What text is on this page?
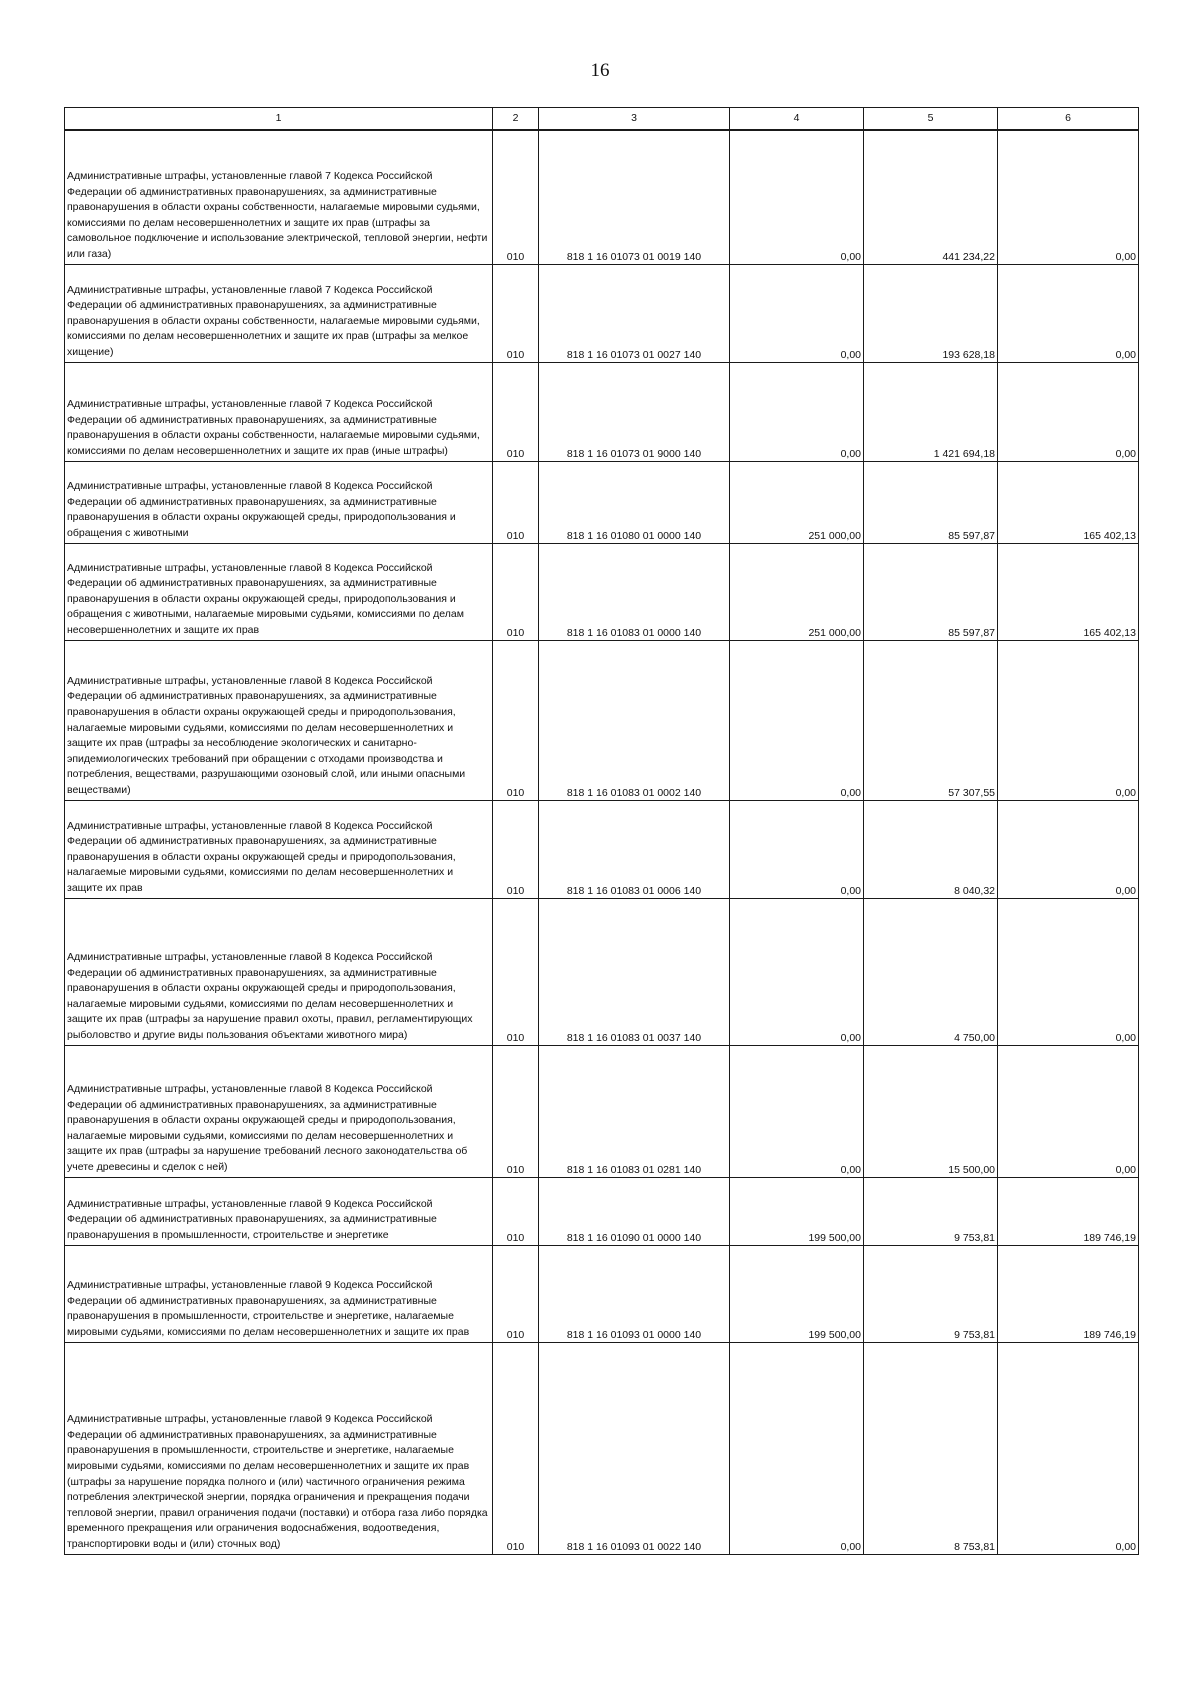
16
1	2	3	4	5	6
Административные штрафы, установленные главой 7 Кодекса Российской Федерации об административных правонарушениях, за административные правонарушения в области охраны собственности, налагаемые мировыми судьями, комиссиями по делам несовершеннолетних и защите их прав (штрафы за самовольное подключение и использование электрической, тепловой энергии, нефти или газа)	010	818 1 16 01073 01 0019 140	0,00	441 234,22	0,00
Административные штрафы, установленные главой 7 Кодекса Российской Федерации об административных правонарушениях, за административные правонарушения в области охраны собственности, налагаемые мировыми судьями, комиссиями по делам несовершеннолетних и защите их прав (штрафы за мелкое хищение)	010	818 1 16 01073 01 0027 140	0,00	193 628,18	0,00
Административные штрафы, установленные главой 7 Кодекса Российской Федерации об административных правонарушениях, за административные правонарушения в области охраны собственности, налагаемые мировыми судьями, комиссиями по делам несовершеннолетних и защите их прав (иные штрафы)	010	818 1 16 01073 01 9000 140	0,00	1 421 694,18	0,00
Административные штрафы, установленные главой 8 Кодекса Российской Федерации об административных правонарушениях, за административные правонарушения в области охраны окружающей среды, природопользования и обращения с животными	010	818 1 16 01080 01 0000 140	251 000,00	85 597,87	165 402,13
Административные штрафы, установленные главой 8 Кодекса Российской Федерации об административных правонарушениях, за административные правонарушения в области охраны окружающей среды, природопользования и обращения с животными, налагаемые мировыми судьями, комиссиями по делам несовершеннолетних и защите их прав	010	818 1 16 01083 01 0000 140	251 000,00	85 597,87	165 402,13
Административные штрафы, установленные главой 8 Кодекса Российской Федерации об административных правонарушениях, за административные правонарушения в области охраны окружающей среды и природопользования, налагаемые мировыми судьями, комиссиями по делам несовершеннолетних и защите их прав (штрафы за несоблюдение экологических и санитарно-эпидемиологических требований при обращении с отходами производства и потребления, веществами, разрушающими озоновый слой, или иными опасными веществами)	010	818 1 16 01083 01 0002 140	0,00	57 307,55	0,00
Административные штрафы, установленные главой 8 Кодекса Российской Федерации об административных правонарушениях, за административные правонарушения в области охраны окружающей среды и природопользования, налагаемые мировыми судьями, комиссиями по делам несовершеннолетних и защите их прав	010	818 1 16 01083 01 0006 140	0,00	8 040,32	0,00
Административные штрафы, установленные главой 8 Кодекса Российской Федерации об административных правонарушениях, за административные правонарушения в области охраны окружающей среды и природопользования, налагаемые мировыми судьями, комиссиями по делам несовершеннолетних и защите их прав (штрафы за нарушение правил охоты, правил, регламентирующих рыболовство и другие виды пользования объектами животного мира)	010	818 1 16 01083 01 0037 140	0,00	4 750,00	0,00
Административные штрафы, установленные главой 8 Кодекса Российской Федерации об административных правонарушениях, за административные правонарушения в области охраны окружающей среды и природопользования, налагаемые мировыми судьями, комиссиями по делам несовершеннолетних и защите их прав (штрафы за нарушение требований лесного законодательства об учете древесины и сделок с ней)	010	818 1 16 01083 01 0281 140	0,00	15 500,00	0,00
Административные штрафы, установленные главой 9 Кодекса Российской Федерации об административных правонарушениях, за административные правонарушения в промышленности, строительстве и энергетике	010	818 1 16 01090 01 0000 140	199 500,00	9 753,81	189 746,19
Административные штрафы, установленные главой 9 Кодекса Российской Федерации об административных правонарушениях, за административные правонарушения в промышленности, строительстве и энергетике, налагаемые мировыми судьями, комиссиями по делам несовершеннолетних и защите их прав	010	818 1 16 01093 01 0000 140	199 500,00	9 753,81	189 746,19
Административные штрафы, установленные главой 9 Кодекса Российской Федерации об административных правонарушениях, за административные правонарушения в промышленности, строительстве и энергетике, налагаемые мировыми судьями, комиссиями по делам несовершеннолетних и защите их прав (штрафы за нарушение порядка полного и (или) частичного ограничения режима потребления электрической энергии, порядка ограничения и прекращения подачи тепловой энергии, правил ограничения подачи (поставки) и отбора газа либо порядка временного прекращения или ограничения водоснабжения, водоотведения, транспортировки воды и (или) сточных вод)	010	818 1 16 01093 01 0022 140	0,00	8 753,81	0,00
